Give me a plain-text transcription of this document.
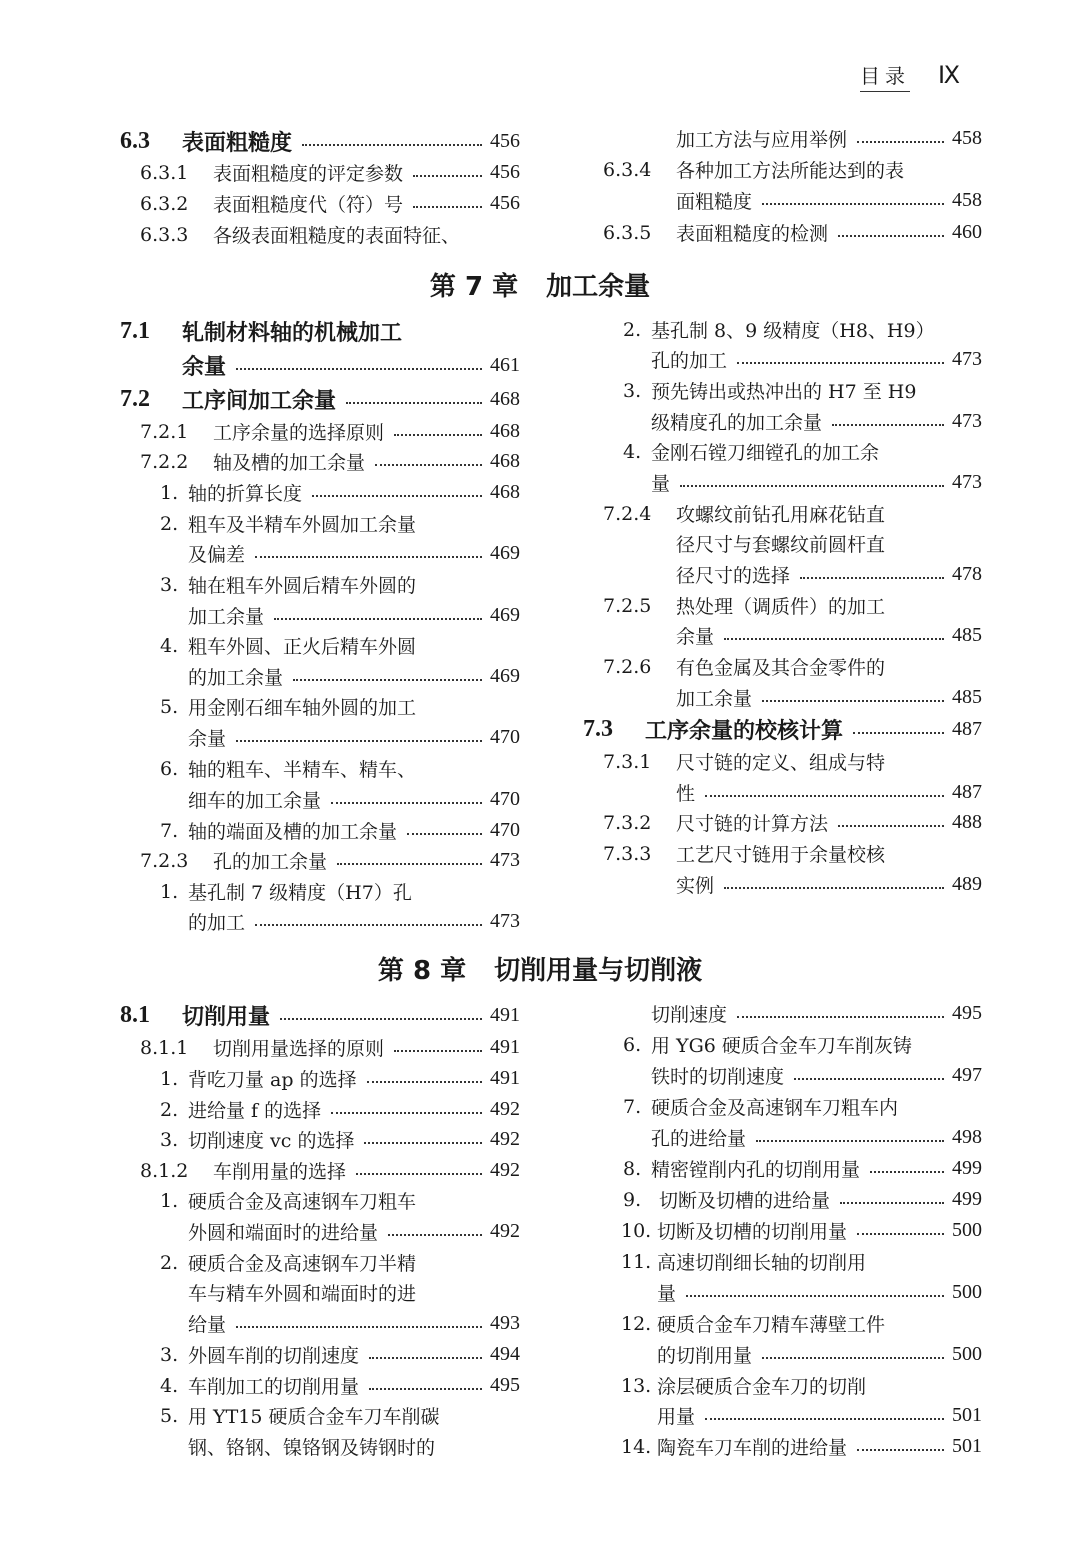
目录 Ⅸ
第 7 章 加工余量
第 8 章 切削用量与切削液
6.3	表面粗糙度	456
6.3.1	表面粗糙度的评定参数	456
6.3.2	表面粗糙度代（符）号	456
6.3.3	各级表面粗糙度的表面特征、
加工方法与应用举例	458
6.3.4	各种加工方法所能达到的表
面粗糙度	458
6.3.5	表面粗糙度的检测	460
7.1	轧制材料轴的机械加工
余量	461
7.2	工序间加工余量	468
7.2.1	工序余量的选择原则	468
7.2.2	轴及槽的加工余量	468
1. 轴的折算长度	468
2. 粗车及半精车外圆加工余量
及偏差	469
3. 轴在粗车外圆后精车外圆的
加工余量	469
4. 粗车外圆、正火后精车外圆
的加工余量	469
5. 用金刚石细车轴外圆的加工
余量	470
6. 轴的粗车、半精车、精车、
细车的加工余量	470
7. 轴的端面及槽的加工余量	470
7.2.3	孔的加工余量	473
1. 基孔制 7 级精度（H7）孔
的加工	473
2. 基孔制 8、9 级精度（H8、H9）
孔的加工	473
3. 预先铸出或热冲出的 H7 至 H9
级精度孔的加工余量	473
4. 金刚石镗刀细镗孔的加工余
量	473
7.2.4	攻螺纹前钻孔用麻花钻直
径尺寸与套螺纹前圆杆直
径尺寸的选择	478
7.2.5	热处理（调质件）的加工
余量	485
7.2.6	有色金属及其合金零件的
加工余量	485
7.3	工序余量的校核计算	487
7.3.1	尺寸链的定义、组成与特
性	487
7.3.2	尺寸链的计算方法	488
7.3.3	工艺尺寸链用于余量校核
实例	489
8.1	切削用量	491
8.1.1	切削用量选择的原则	491
1. 背吃刀量 ap 的选择	491
2. 进给量 f 的选择	492
3. 切削速度 vc 的选择	492
8.1.2	车削用量的选择	492
1. 硬质合金及高速钢车刀粗车
外圆和端面时的进给量	492
2. 硬质合金及高速钢车刀半精
车与精车外圆和端面时的进
给量	493
3. 外圆车削的切削速度	494
4. 车削加工的切削用量	495
5. 用 YT15 硬质合金车刀车削碳
钢、铬钢、镍铬钢及铸钢时的
切削速度	495
6. 用 YG6 硬质合金车刀车削灰铸
铁时的切削速度	497
7. 硬质合金及高速钢车刀粗车内
孔的进给量	498
8. 精密镗削内孔的切削用量	499
9. 切断及切槽的进给量	499
10. 切断及切槽的切削用量	500
11. 高速切削细长轴的切削用
量	500
12. 硬质合金车刀精车薄壁工件
的切削用量	500
13. 涂层硬质合金车刀的切削
用量	501
14. 陶瓷车刀车削的进给量	501
